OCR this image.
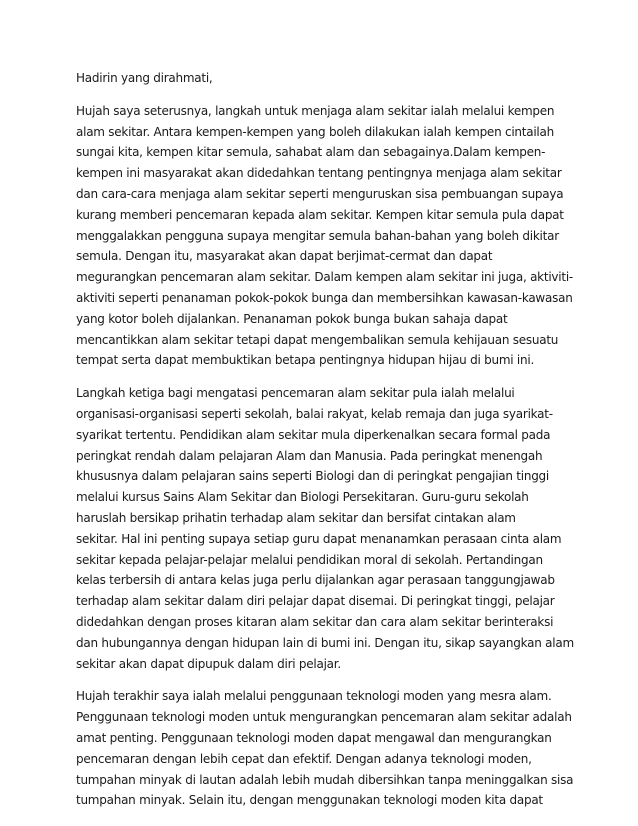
Hadirin yang dirahmati,
Hujah saya seterusnya, langkah untuk menjaga alam sekitar ialah melalui kempen
alam sekitar. Antara kempen-kempen yang boleh dilakukan ialah kempen cintailah
sungai kita, kempen kitar semula, sahabat alam dan sebagainya.Dalam kempen-
kempen ini masyarakat akan didedahkan tentang pentingnya menjaga alam sekitar
dan cara-cara menjaga alam sekitar seperti menguruskan sisa pembuangan supaya
kurang memberi pencemaran kepada alam sekitar. Kempen kitar semula pula dapat
menggalakkan pengguna supaya mengitar semula bahan-bahan yang boleh dikitar
semula. Dengan itu, masyarakat akan dapat berjimat-cermat dan dapat
megurangkan pencemaran alam sekitar. Dalam kempen alam sekitar ini juga, aktiviti-
aktiviti seperti penanaman pokok-pokok bunga dan membersihkan kawasan-kawasan
yang kotor boleh dijalankan. Penanaman pokok bunga bukan sahaja dapat
mencantikkan alam sekitar tetapi dapat mengembalikan semula kehijauan sesuatu
tempat serta dapat membuktikan betapa pentingnya hidupan hijau di bumi ini.
Langkah ketiga bagi mengatasi pencemaran alam sekitar pula ialah melalui
organisasi-organisasi seperti sekolah, balai rakyat, kelab remaja dan juga syarikat-
syarikat tertentu. Pendidikan alam sekitar mula diperkenalkan secara formal pada
peringkat rendah dalam pelajaran Alam dan Manusia. Pada peringkat menengah
khususnya dalam pelajaran sains seperti Biologi dan di peringkat pengajian tinggi
melalui kursus Sains Alam Sekitar dan Biologi Persekitaran. Guru-guru sekolah
haruslah bersikap prihatin terhadap alam sekitar dan bersifat cintakan alam
sekitar. Hal ini penting supaya setiap guru dapat menanamkan perasaan cinta alam
sekitar kepada pelajar-pelajar melalui pendidikan moral di sekolah. Pertandingan
kelas terbersih di antara kelas juga perlu dijalankan agar perasaan tanggungjawab
terhadap alam sekitar dalam diri pelajar dapat disemai. Di peringkat tinggi, pelajar
didedahkan dengan proses kitaran alam sekitar dan cara alam sekitar berinteraksi
dan hubungannya dengan hidupan lain di bumi ini. Dengan itu, sikap sayangkan alam
sekitar akan dapat dipupuk dalam diri pelajar.
Hujah terakhir saya ialah melalui penggunaan teknologi moden yang mesra alam.
Penggunaan teknologi moden untuk mengurangkan pencemaran alam sekitar adalah
amat penting. Penggunaan teknologi moden dapat mengawal dan mengurangkan
pencemaran dengan lebih cepat dan efektif. Dengan adanya teknologi moden,
tumpahan minyak di lautan adalah lebih mudah dibersihkan tanpa meninggalkan sisa
tumpahan minyak. Selain itu, dengan menggunakan teknologi moden kita dapat
